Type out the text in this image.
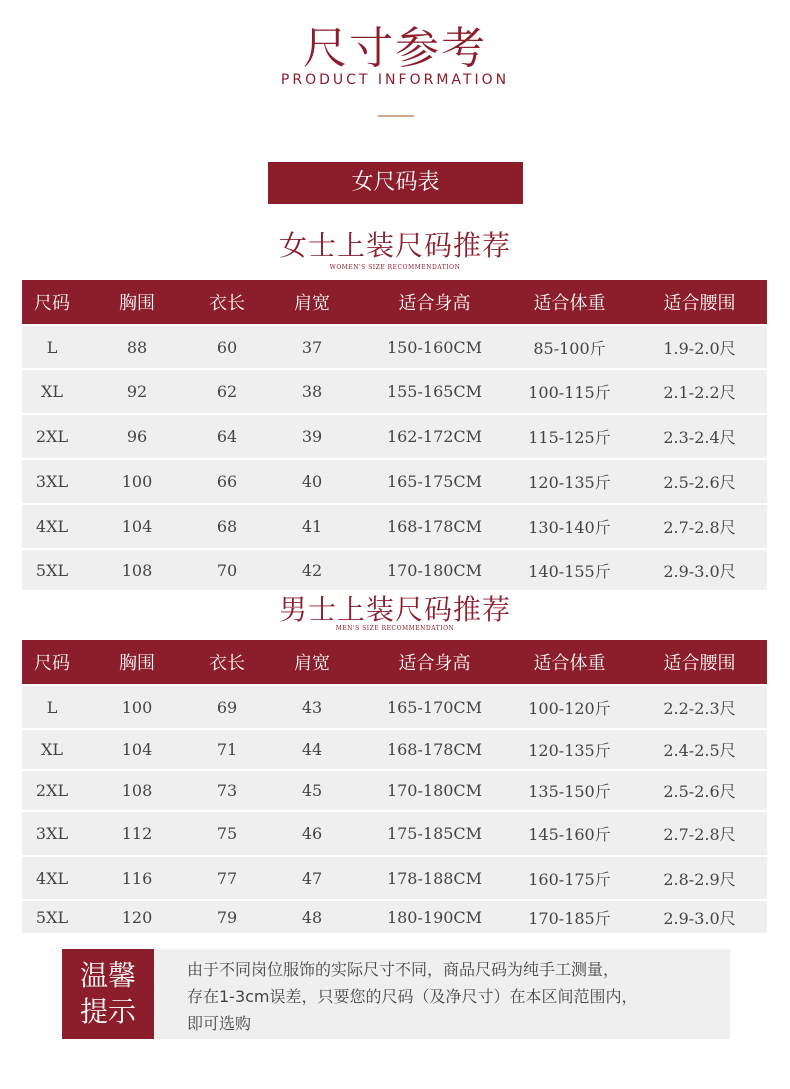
尺寸参考
PRODUCT INFORMATION
女尺码表
女士上装尺码推荐
WOMEN'S SIZE RECOMMENDATION
尺码	胸围	衣长	肩宽	适合身高	适合体重	适合腰围
L	88	60	37	150-160CM	85-100斤	1.9-2.0尺
XL	92	62	38	155-165CM	100-115斤	2.1-2.2尺
2XL	96	64	39	162-172CM	115-125斤	2.3-2.4尺
3XL	100	66	40	165-175CM	120-135斤	2.5-2.6尺
4XL	104	68	41	168-178CM	130-140斤	2.7-2.8尺
5XL	108	70	42	170-180CM	140-155斤	2.9-3.0尺
男士上装尺码推荐
MEN'S SIZE RECOMMENDATION
尺码	胸围	衣长	肩宽	适合身高	适合体重	适合腰围
L	100	69	43	165-170CM	100-120斤	2.2-2.3尺
XL	104	71	44	168-178CM	120-135斤	2.4-2.5尺
2XL	108	73	45	170-180CM	135-150斤	2.5-2.6尺
3XL	112	75	46	175-185CM	145-160斤	2.7-2.8尺
4XL	116	77	47	178-188CM	160-175斤	2.8-2.9尺
5XL	120	79	48	180-190CM	170-185斤	2.9-3.0尺
温馨
提示
由于不同岗位服饰的实际尺寸不同，商品尺码为纯手工测量，
存在1-3cm误差，只要您的尺码（及净尺寸）在本区间范围内，
即可选购
